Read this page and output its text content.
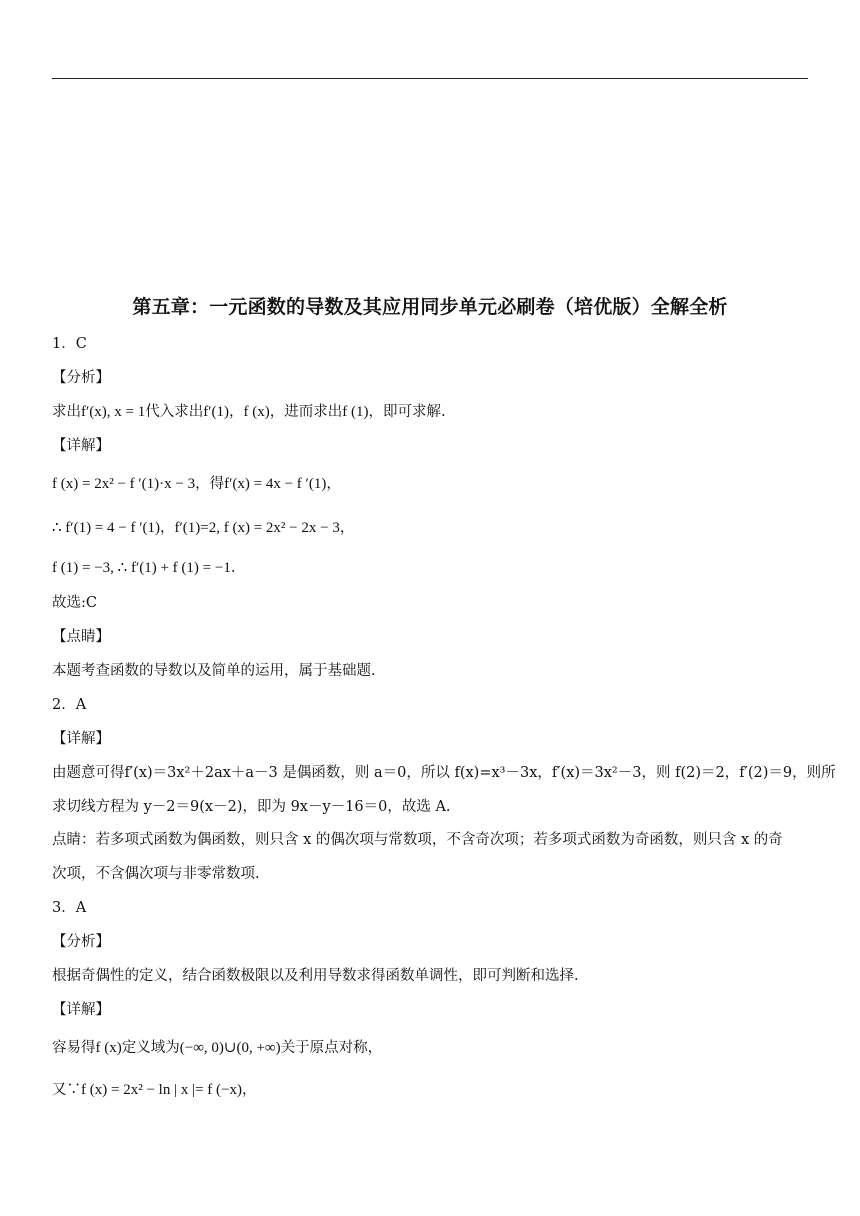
第五章：一元函数的导数及其应用同步单元必刷卷（培优版）全解全析
1．C
【分析】
求出f′(x), x = 1代入求出f′(1)，f (x)，进而求出f (1)，即可求解.
【详解】
f (x) = 2x² − f ′(1)·x − 3，得f′(x) = 4x − f ′(1)，
∴ f′(1) = 4 − f ′(1)，f′(1)=2, f (x) = 2x² − 2x − 3，
f (1) = −3, ∴ f′(1) + f (1) = −1.
故选:C
【点睛】
本题考查函数的导数以及简单的运用，属于基础题.
2．A
【详解】
由题意可得f′(x)＝3x²＋2ax＋a－3 是偶函数，则 a＝0，所以 f(x)=x³－3x，f′(x)＝3x²－3，则 f(2)＝2，f′(2)＝9，则所
求切线方程为 y－2＝9(x－2)，即为 9x－y－16＝0，故选 A.
点睛：若多项式函数为偶函数，则只含 x 的偶次项与常数项，不含奇次项；若多项式函数为奇函数，则只含 x 的奇
次项，不含偶次项与非零常数项.
3．A
【分析】
根据奇偶性的定义，结合函数极限以及利用导数求得函数单调性，即可判断和选择.
【详解】
容易得f (x)定义域为(−∞, 0)∪(0, +∞)关于原点对称，
又∵f (x) = 2x² − ln | x |= f (−x)，
